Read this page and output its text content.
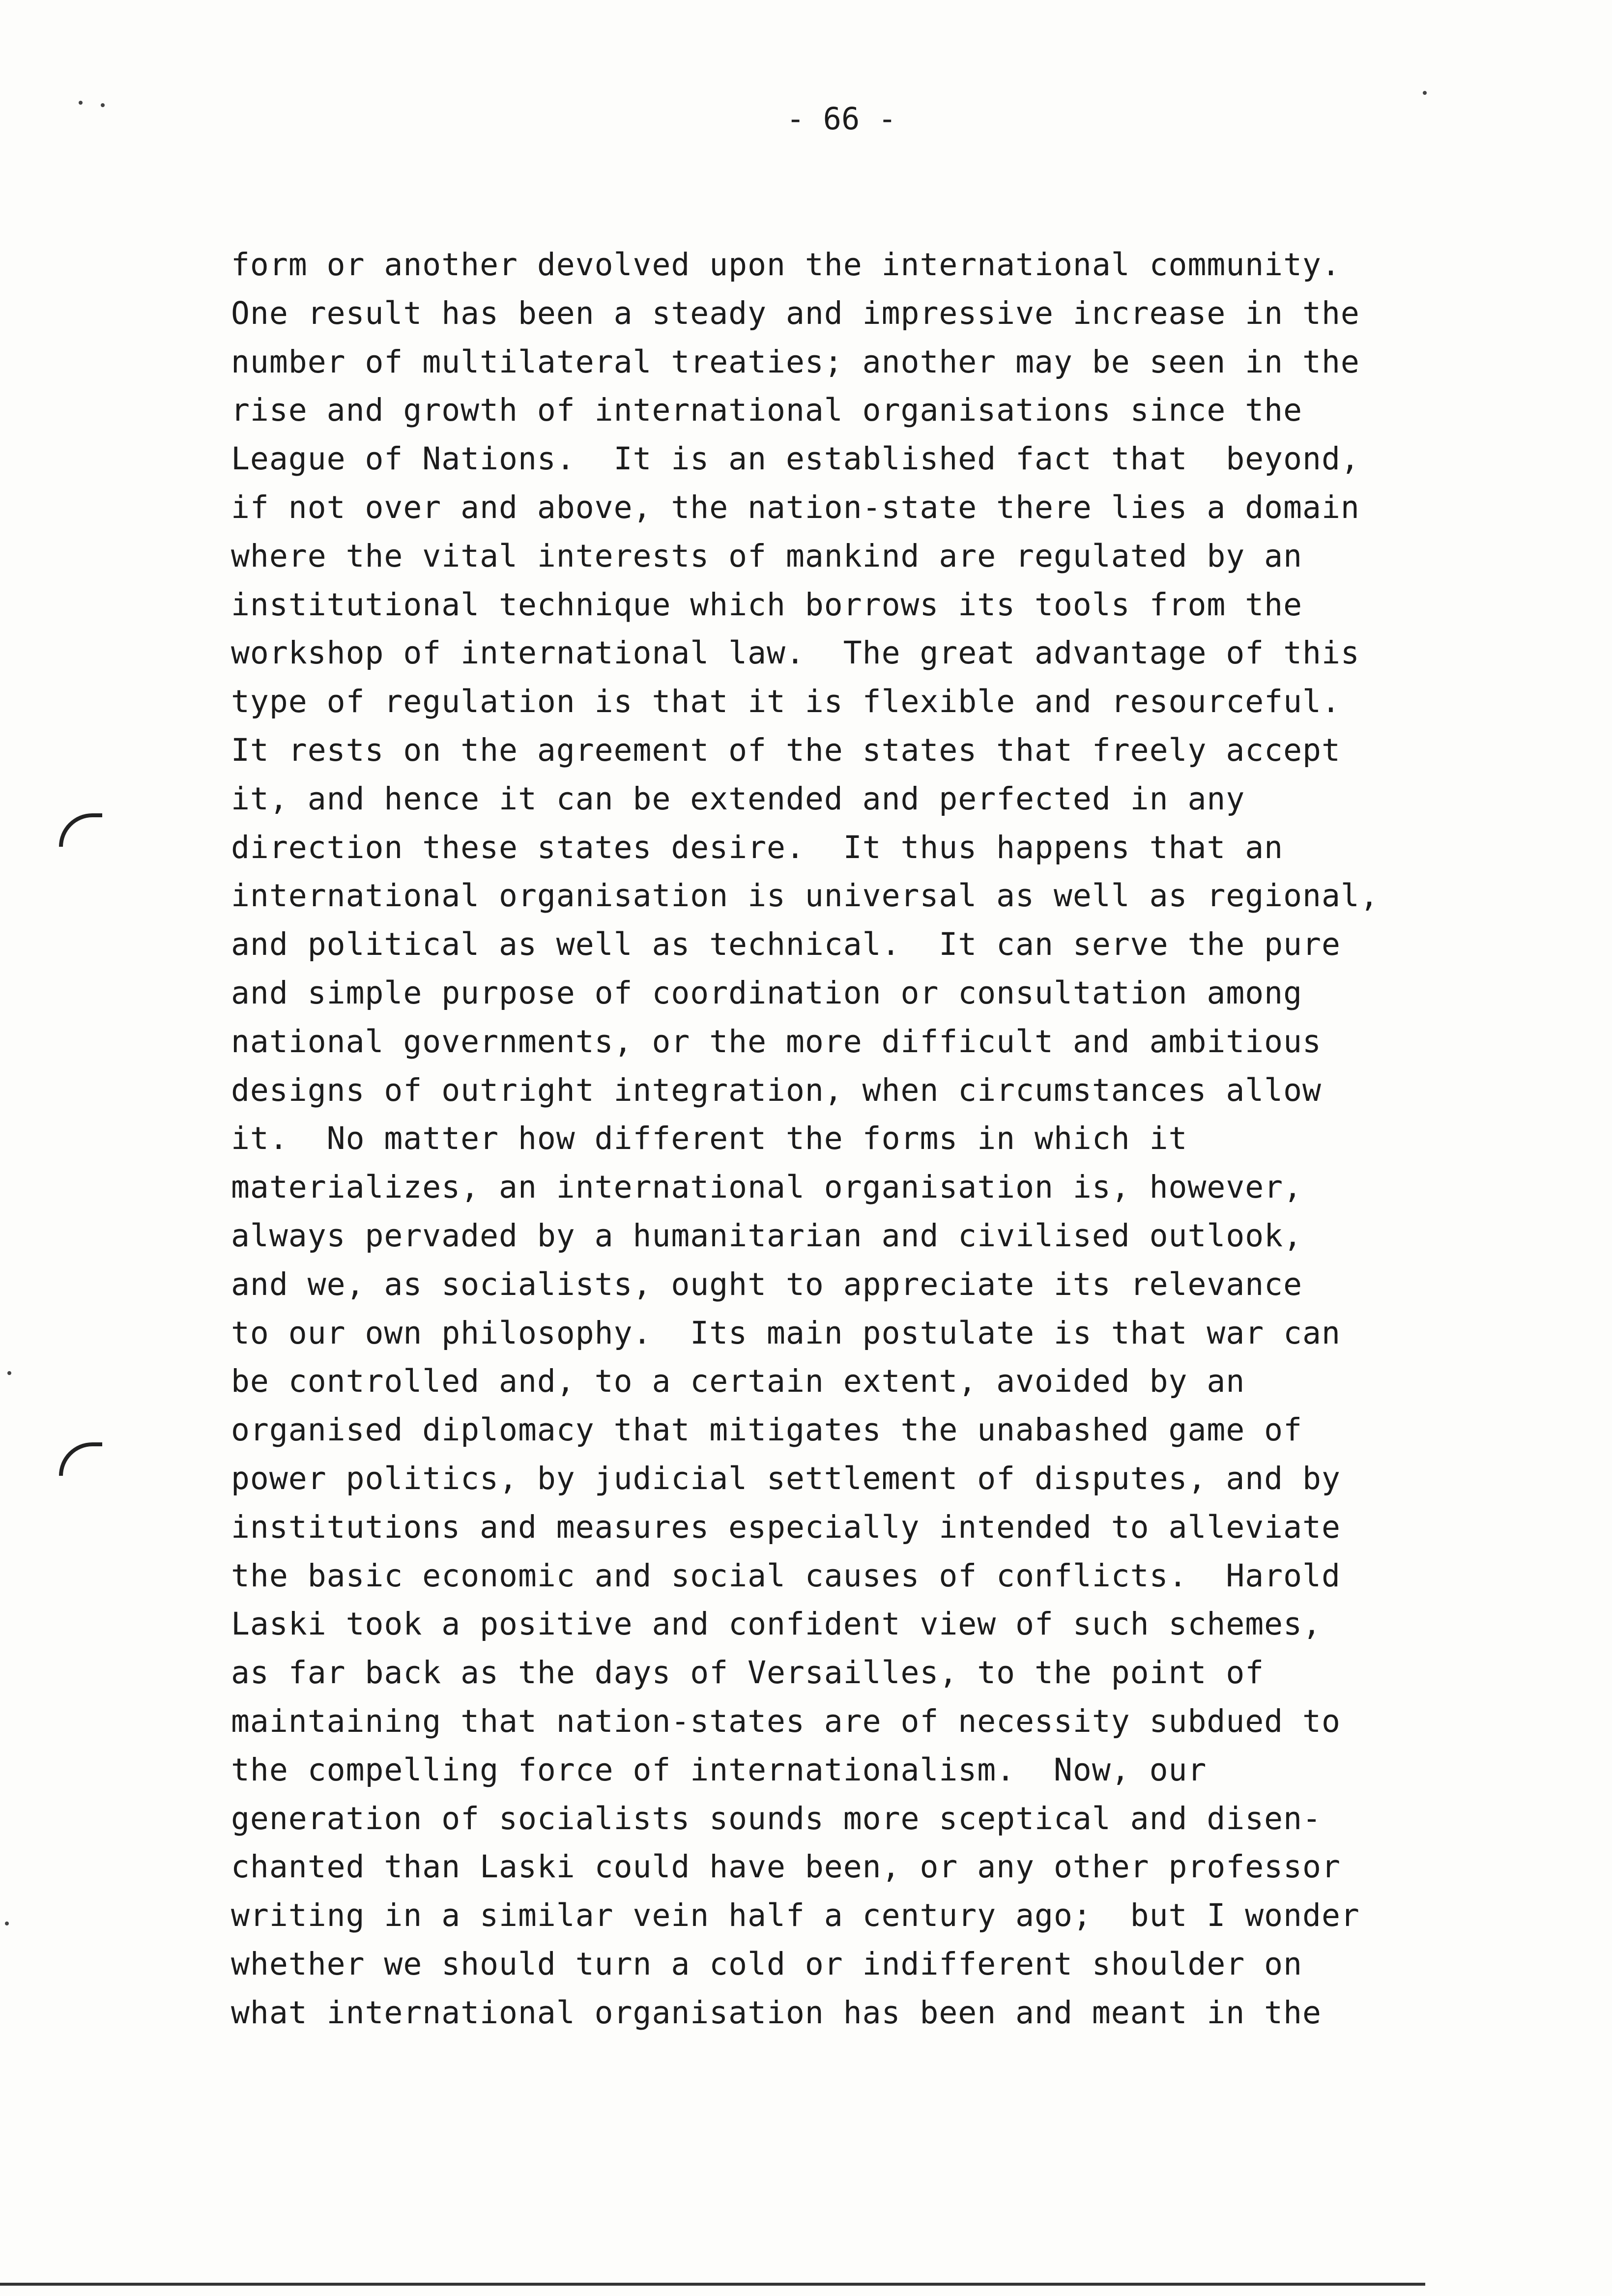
- 66 -
form or another devolved upon the international community.
One result has been a steady and impressive increase in the
number of multilateral treaties; another may be seen in the
rise and growth of international organisations since the
League of Nations.  It is an established fact that  beyond,
if not over and above, the nation-state there lies a domain
where the vital interests of mankind are regulated by an
institutional technique which borrows its tools from the
workshop of international law.  The great advantage of this
type of regulation is that it is flexible and resourceful.
It rests on the agreement of the states that freely accept
it, and hence it can be extended and perfected in any
direction these states desire.  It thus happens that an
international organisation is universal as well as regional,
and political as well as technical.  It can serve the pure
and simple purpose of coordination or consultation among
national governments, or the more difficult and ambitious
designs of outright integration, when circumstances allow
it.  No matter how different the forms in which it
materializes, an international organisation is, however,
always pervaded by a humanitarian and civilised outlook,
and we, as socialists, ought to appreciate its relevance
to our own philosophy.  Its main postulate is that war can
be controlled and, to a certain extent, avoided by an
organised diplomacy that mitigates the unabashed game of
power politics, by judicial settlement of disputes, and by
institutions and measures especially intended to alleviate
the basic economic and social causes of conflicts.  Harold
Laski took a positive and confident view of such schemes,
as far back as the days of Versailles, to the point of
maintaining that nation-states are of necessity subdued to
the compelling force of internationalism.  Now, our
generation of socialists sounds more sceptical and disen-
chanted than Laski could have been, or any other professor
writing in a similar vein half a century ago;  but I wonder
whether we should turn a cold or indifferent shoulder on
what international organisation has been and meant in the
